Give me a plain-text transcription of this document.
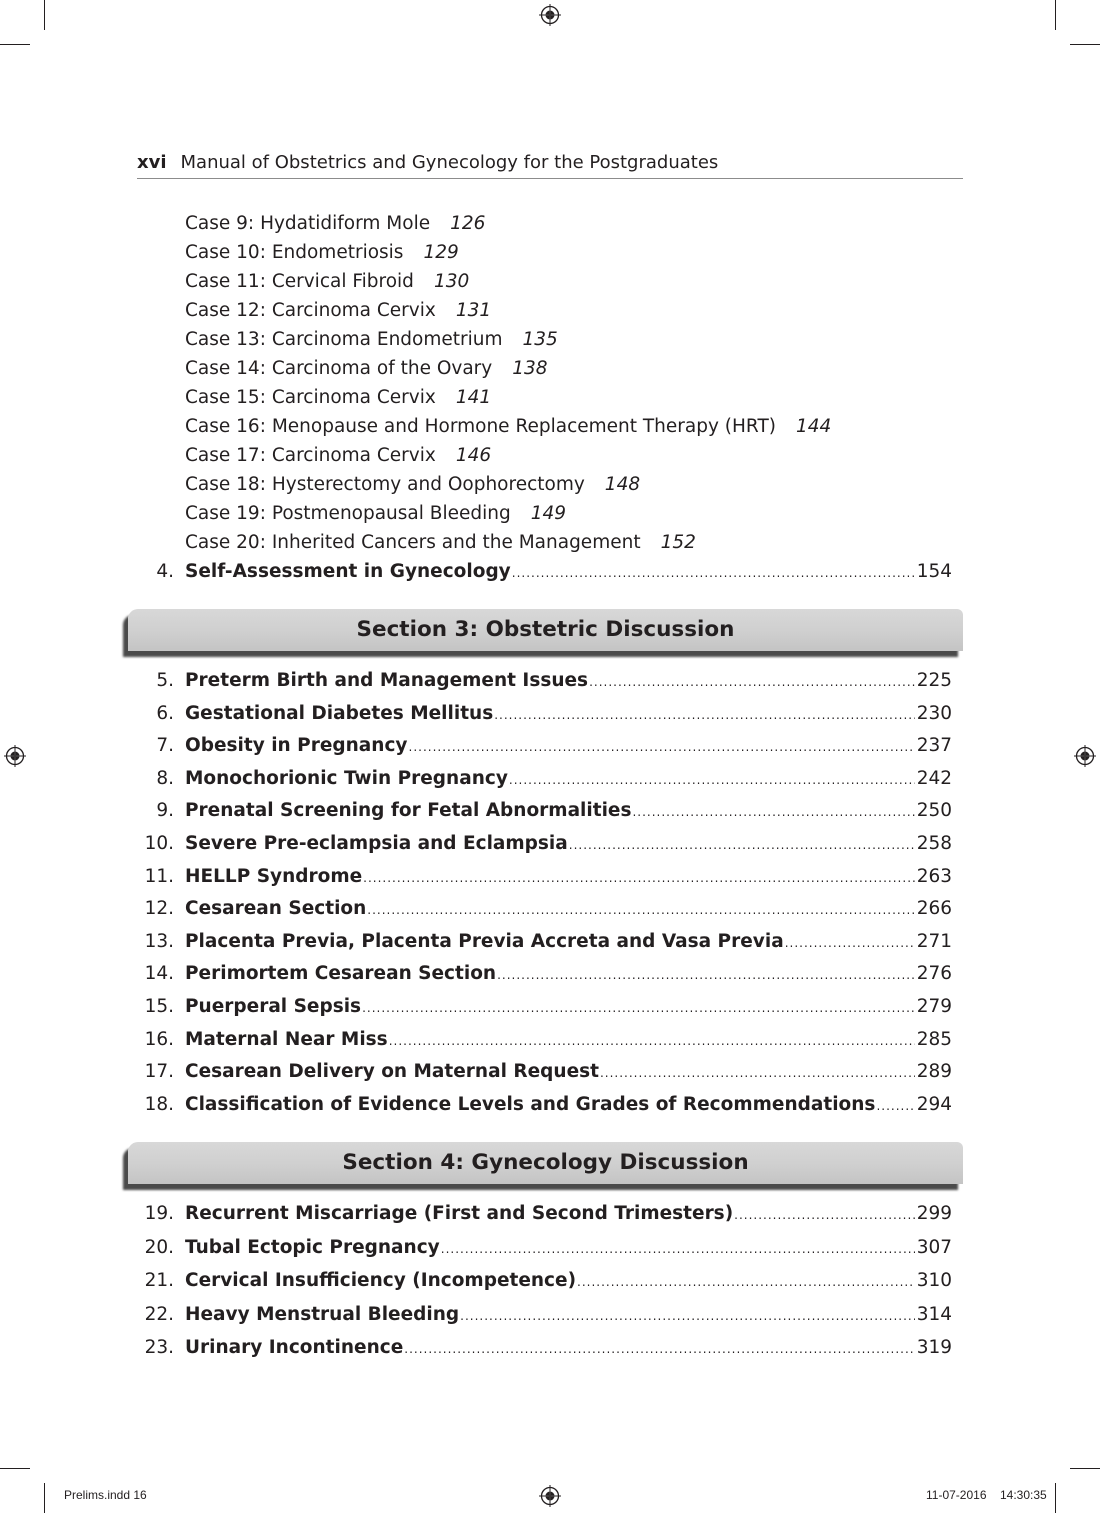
xvi Manual of Obstetrics and Gynecology for the Postgraduates
Case 9: Hydatidiform Mole 126
Case 10: Endometriosis 129
Case 11: Cervical Fibroid 130
Case 12: Carcinoma Cervix 131
Case 13: Carcinoma Endometrium 135
Case 14: Carcinoma of the Ovary 138
Case 15: Carcinoma Cervix 141
Case 16: Menopause and Hormone Replacement Therapy (HRT) 144
Case 17: Carcinoma Cervix 146
Case 18: Hysterectomy and Oophorectomy 148
Case 19: Postmenopausal Bleeding 149
Case 20: Inherited Cancers and the Management 152
4. Self-Assessment in Gynecology .....	154
Section 3: Obstetric Discussion
5. Preterm Birth and Management Issues .....	225
6. Gestational Diabetes Mellitus .....	230
7. Obesity in Pregnancy .....	237
8. Monochorionic Twin Pregnancy .....	242
9. Prenatal Screening for Fetal Abnormalities .....	250
10. Severe Pre-eclampsia and Eclampsia .....	258
11. HELLP Syndrome .....	263
12. Cesarean Section .....	266
13. Placenta Previa, Placenta Previa Accreta and Vasa Previa .....	271
14. Perimortem Cesarean Section .....	276
15. Puerperal Sepsis .....	279
16. Maternal Near Miss .....	285
17. Cesarean Delivery on Maternal Request .....	289
18. Classification of Evidence Levels and Grades of Recommendations ..... 294
Section 4: Gynecology Discussion
19. Recurrent Miscarriage (First and Second Trimesters) .....	299
20. Tubal Ectopic Pregnancy .....	307
21. Cervical Insufficiency (Incompetence) .....	310
22. Heavy Menstrual Bleeding .....	314
23. Urinary Incontinence .....	319
Prelims.indd 16	11-07-2016 14:30:35
